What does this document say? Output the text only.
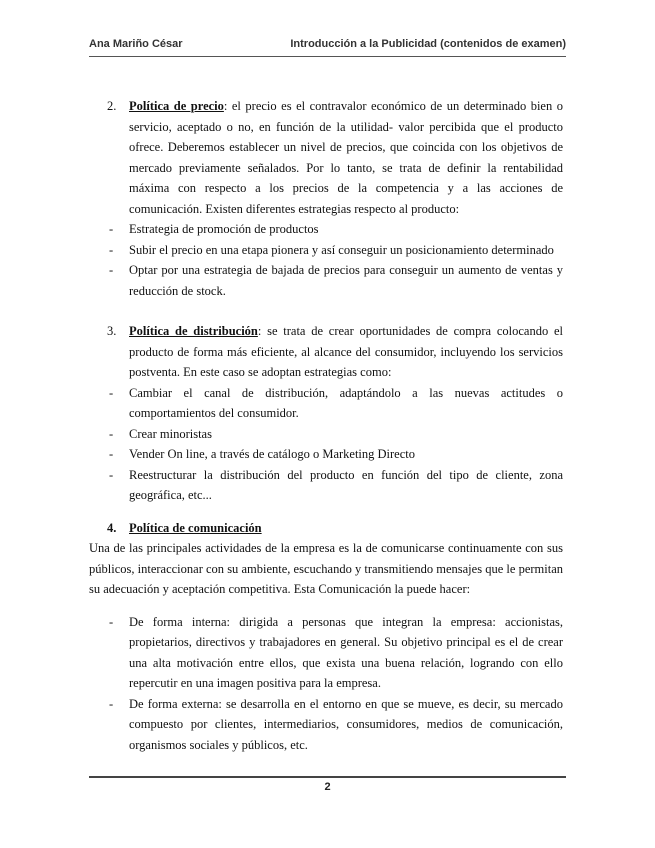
Ana Mariño César	Introducción a la Publicidad (contenidos de examen)
2. Política de precio: el precio es el contravalor económico de un determinado bien o servicio, aceptado o no, en función de la utilidad- valor percibida que el producto ofrece. Deberemos establecer un nivel de precios, que coincida con los objetivos de mercado previamente señalados. Por lo tanto, se trata de definir la rentabilidad máxima con respecto a los precios de la competencia y a las acciones de comunicación. Existen diferentes estrategias respecto al producto:
- Estrategia de promoción de productos
- Subir el precio en una etapa pionera y así conseguir un posicionamiento determinado
- Optar por una estrategia de bajada de precios para conseguir un aumento de ventas y reducción de stock.
3. Política de distribución: se trata de crear oportunidades de compra colocando el producto de forma más eficiente, al alcance del consumidor, incluyendo los servicios postventa. En este caso se adoptan estrategias como:
- Cambiar el canal de distribución, adaptándolo a las nuevas actitudes o comportamientos del consumidor.
- Crear minoristas
- Vender On line, a través de catálogo o Marketing Directo
- Reestructurar la distribución del producto en función del tipo de cliente, zona geográfica, etc...
4. Política de comunicación

Una de las principales actividades de la empresa es la de comunicarse continuamente con sus públicos, interaccionar con su ambiente, escuchando y transmitiendo mensajes que le permitan su adecuación y aceptación competitiva. Esta Comunicación la puede hacer:

- De forma interna: dirigida a personas que integran la empresa: accionistas, propietarios, directivos y trabajadores en general. Su objetivo principal es el de crear una alta motivación entre ellos, que exista una buena relación, logrando con ello repercutir en una imagen positiva para la empresa.
- De forma externa: se desarrolla en el entorno en que se mueve, es decir, su mercado compuesto por clientes, intermediarios, consumidores, medios de comunicación, organismos sociales y públicos, etc.
2
